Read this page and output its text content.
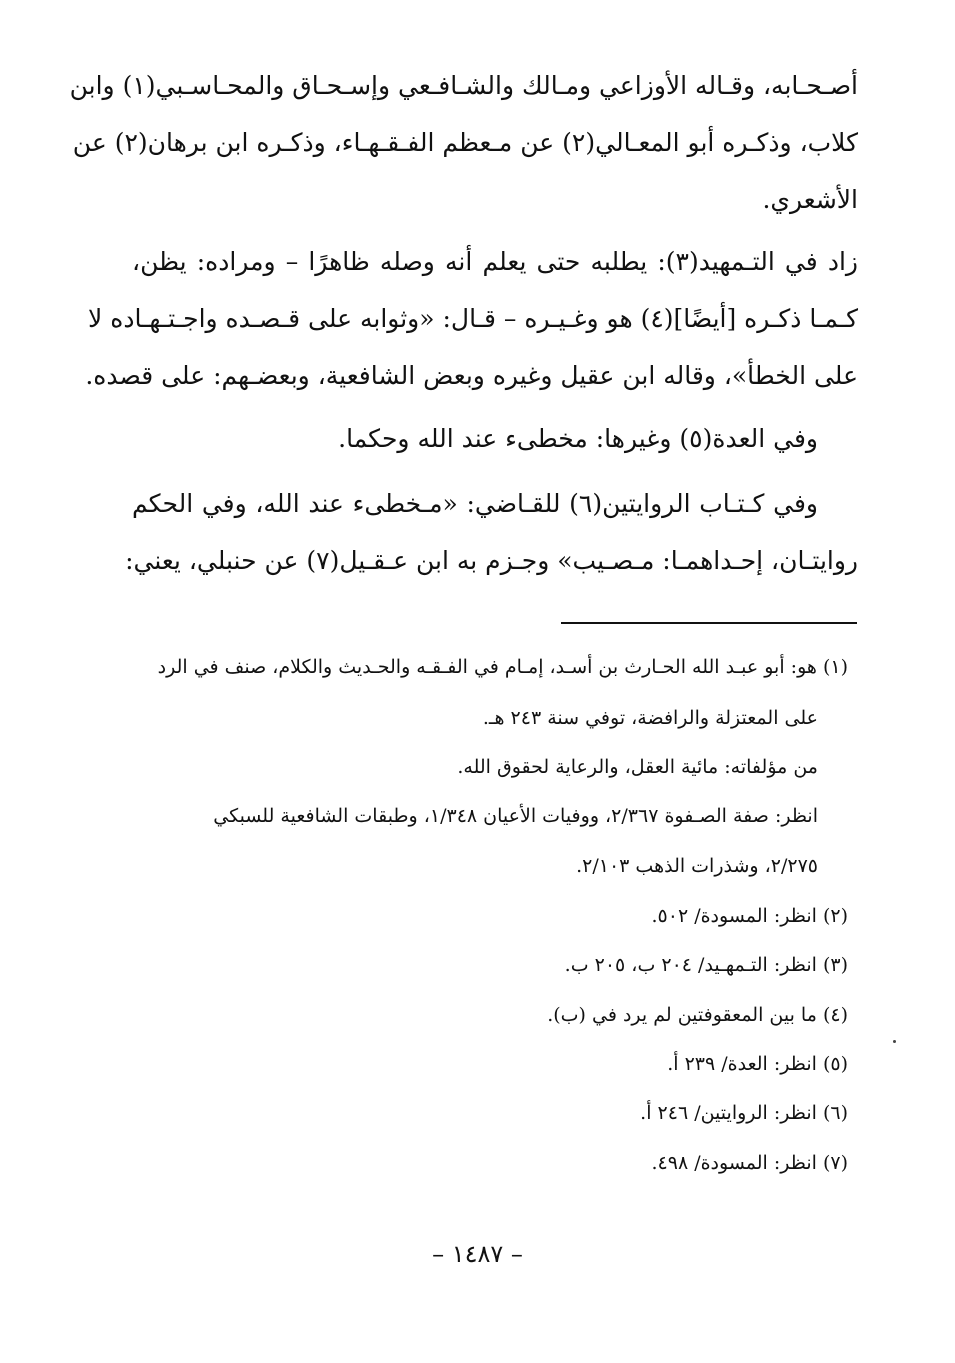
أصـحـابه، وقـاله الأوزاعي ومـالك والشـافـعي وإسـحـاق والمحـاسـبي(١) وابن
كلاب، وذكـره أبو المعـالي(٢) عن مـعظم الفـقـهـاء، وذكـره ابن برهان(٢) عن
الأشعري.
زاد في التـمهيد(٣): يطلبه حتى يعلم أنه وصله ظاهرًا – ومراده: يظن،
كـمـا ذكـره [أيضًا](٤) هو وغـيـره – قـال: «وثوابه على قـصـده واجـتـهـاده لا
على الخطأ»، وقاله ابن عقيل وغيره وبعض الشافعية، وبعضـهم: على قصده.
وفي العدة(٥) وغيرها: مخطىء عند الله وحكما.
وفي كـتـاب الروايتين(٦) للقـاضي: «مـخطىء عند الله، وفي الحكم
روايتـان، إحـداهمـا: مـصـيب» وجـزم به ابن عـقـيل(٧) عن حنبلي، يعني:
(١) هو: أبو عبـد الله الحـارث بن أسـد، إمـام في الفـقـه والحـديث والكلام، صنف في الرد
على المعتزلة والرافضة، توفي سنة ٢٤٣ هـ.
من مؤلفاته: مائية العقل، والرعاية لحقوق الله.
انظر: صفة الصـفوة ٢/٣٦٧، ووفيات الأعيان ١/٣٤٨، وطبقات الشافعية للسبكي
٢/٢٧٥، وشذرات الذهب ٢/١٠٣.
(٢) انظر: المسودة/ ٥٠٢.
(٣) انظر: التـمهـيد/ ٢٠٤ ب، ٢٠٥ ب.
(٤) ما بين المعقوفتين لم يرد في (ب).
(٥) انظر: العدة/ ٢٣٩ أ.
(٦) انظر: الروايتين/ ٢٤٦ أ.
(٧) انظر: المسودة/ ٤٩٨.
– ١٤٨٧ –
